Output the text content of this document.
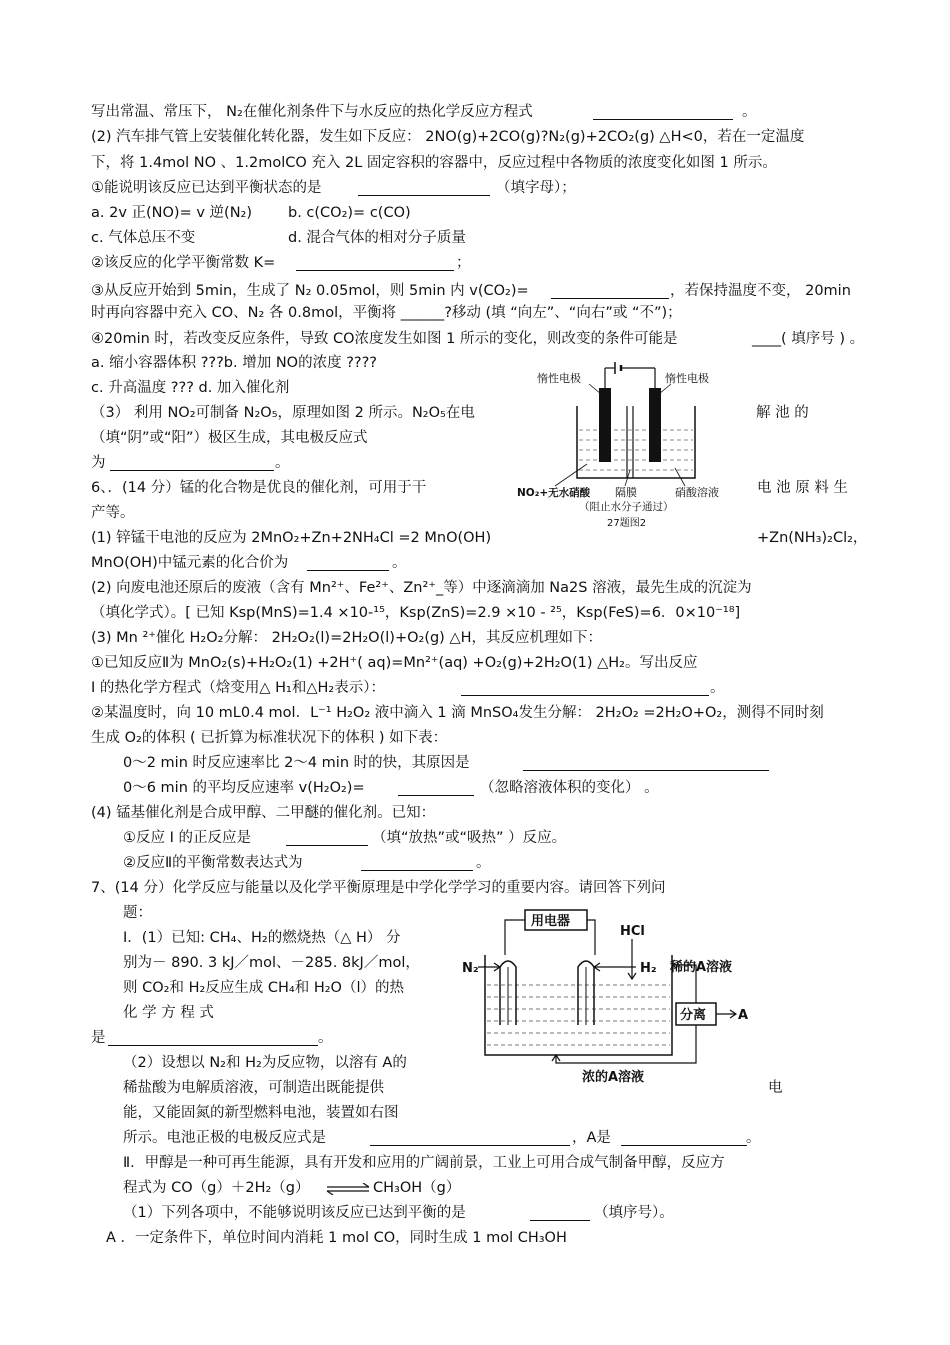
写出常温、常压下， N₂在催化剂条件下与水反应的热化学反应方程式	。
(2) 汽车排气管上安装催化转化器，发生如下反应： 2NO(g)+2CO(g)?N₂(g)+2CO₂(g) △H<0，若在一定温度
下，将 1.4mol NO 、1.2molCO 充入 2L 固定容积的容器中，反应过程中各物质的浓度变化如图 1 所示。
①能说明该反应已达到平衡状态的是	（填字母）；
a. 2v 正(NO)= v 逆(N₂) b. c(CO₂)= c(CO)
c. 气体总压不变	d. 混合气体的相对分子质量
②该反应的化学平衡常数 K=	；
③从反应开始到 5min，生成了 N₂ 0.05mol，则 5min 内 v(CO₂)=	，若保持温度不变， 20min
时再向容器中充入 CO、N₂ 各 0.8mol，平衡将 ______?移动 (填 “向左”、“向右”或 “不”)；
④20min 时，若改变反应条件，导致 CO浓度发生如图 1 所示的变化，则改变的条件可能是	____( 填序号 ) 。
a. 缩小容器体积 ???b. 增加 NO的浓度 ????
c. 升高温度 ??? d. 加入催化剂
（3） 利用 NO₂可制备 N₂O₅，原理如图 2 所示。N₂O₅在电	解 池 的
（填“阴”或“阳”）极区生成，其电极反应式
为	。
6、．(14 分）锰的化合物是优良的催化剂，可用于干	电 池 原 料 生
产等。
(1) 锌锰干电池的反应为 2MnO₂+Zn+2NH₄Cl =2 MnO(OH)	+Zn(NH₃)₂Cl₂，
MnO(OH)中锰元素的化合价为	。
(2) 向废电池还原后的废液（含有 Mn²⁺、Fe²⁺、Zn²⁺_等）中逐滴滴加 Na2S 溶液，最先生成的沉淀为
（填化学式）。[ 已知 Ksp(MnS)=1.4 ×10-¹⁵，Ksp(ZnS)=2.9 ×10 - ²⁵，Ksp(FeS)=6．0×10⁻¹⁸]
(3) Mn ²⁺催化 H₂O₂分解： 2H₂O₂(l)=2H₂O(l)+O₂(g) △H，其反应机理如下：
①已知反应Ⅱ为 MnO₂(s)+H₂O₂(1) +2H⁺( aq)=Mn²⁺(aq) +O₂(g)+2H₂O(1) △H₂。写出反应
Ⅰ 的热化学方程式（焓变用△ H₁和△H₂表示）：	。
②某温度时，向 10 mL0.4 mol．L⁻¹ H₂O₂ 液中滴入 1 滴 MnSO₄发生分解： 2H₂O₂ =2H₂O+O₂，测得不同时刻
生成 O₂的体积 ( 已折算为标准状况下的体积 ) 如下表：
0～2 min 时反应速率比 2～4 min 时的快，其原因是
0～6 min 的平均反应速率 v(H₂O₂)=	（忽略溶液体积的变化） 。
(4) 锰基催化剂是合成甲醇、二甲醚的催化剂。已知：
①反应 Ⅰ 的正反应是	（填“放热”或“吸热” ）反应。
②反应Ⅱ的平衡常数表达式为	。
7、(14 分）化学反应与能量以及化学平衡原理是中学化学学习的重要内容。请回答下列问
题：
Ⅰ．(1）已知: CH₄、H₂的燃烧热（△ H） 分
别为－ 890. 3 kJ／mol、－285. 8kJ／mol，
则 CO₂和 H₂反应生成 CH₄和 H₂O（l）的热
化 学 方 程 式
是	。
（2）设想以 N₂和 H₂为反应物，以溶有 A的
稀盐酸为电解质溶液，可制造出既能提供	电
能，又能固氮的新型燃料电池，装置如右图
所示。电池正极的电极反应式是	，A是	。
Ⅱ．甲醇是一种可再生能源，具有开发和应用的广阔前景，工业上可用合成气制备甲醇，反应方
程式为 CO（g）＋2H₂（g） ⇌ CH₃OH（g）
（1）下列各项中，不能够说明该反应已达到平衡的是	（填序号）。
A ．一定条件下，单位时间内消耗 1 mol CO，同时生成 1 mol CH₃OH
惰性电极	惰性电极
NO₂+无水硝酸 隔膜	硝酸溶液
（阻止水分子通过）
27题图2
用电器
HCl
N₂	H₂ 稀的A溶液
分离 A
浓的A溶液
